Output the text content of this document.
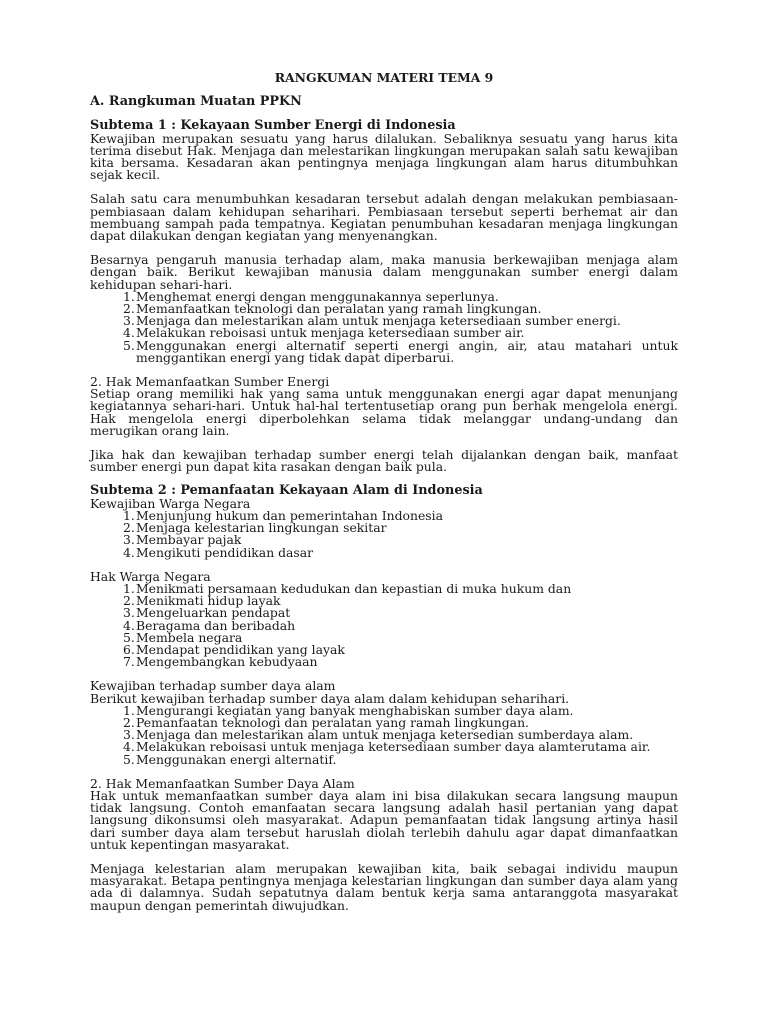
RANGKUMAN MATERI TEMA 9
A. Rangkuman Muatan PPKN
Subtema 1 : Kekayaan Sumber Energi di Indonesia

Kewajiban merupakan sesuatu yang harus dilalukan. Sebaliknya sesuatu yang harus kita terima disebut Hak. Menjaga dan melestarikan lingkungan merupakan salah satu kewajiban kita bersama. Kesadaran akan pentingnya menjaga lingkungan alam harus ditumbuhkan sejak kecil.

Salah satu cara menumbuhkan kesadaran tersebut adalah dengan melakukan pembiasaan-pembiasaan dalam kehidupan seharihari. Pembiasaan tersebut seperti berhemat air dan membuang sampah pada tempatnya. Kegiatan penumbuhan kesadaran menjaga lingkungan dapat dilakukan dengan kegiatan yang menyenangkan.

Besarnya pengaruh manusia terhadap alam, maka manusia berkewajiban menjaga alam dengan baik. Berikut kewajiban manusia dalam menggunakan sumber energi dalam kehidupan sehari-hari.

1. Menghemat energi dengan menggunakannya seperlunya.
2. Memanfaatkan teknologi dan peralatan yang ramah lingkungan.
3. Menjaga dan melestarikan alam untuk menjaga ketersediaan sumber energi.
4. Melakukan reboisasi untuk menjaga ketersediaan sumber air.
5. Menggunakan energi alternatif seperti energi angin, air, atau matahari untuk menggantikan energi yang tidak dapat diperbarui.

2. Hak Memanfaatkan Sumber Energi

Setiap orang memiliki hak yang sama untuk menggunakan energi agar dapat menunjang kegiatannya sehari-hari. Untuk hal-hal tertentusetiap orang pun berhak mengelola energi. Hak mengelola energi diperbolehkan selama tidak melanggar undang-undang dan merugikan orang lain.

Jika hak dan kewajiban terhadap sumber energi telah dijalankan dengan baik, manfaat sumber energi pun dapat kita rasakan dengan baik pula.

Subtema 2 : Pemanfaatan Kekayaan Alam di Indonesia

Kewajiban Warga Negara

1. Menjunjung hukum dan pemerintahan Indonesia
2. Menjaga kelestarian lingkungan sekitar
3. Membayar pajak
4. Mengikuti pendidikan dasar

Hak Warga Negara

1. Menikmati persamaan kedudukan dan kepastian di muka hukum dan
2. Menikmati hidup layak
3. Mengeluarkan pendapat
4. Beragama dan beribadah
5. Membela negara
6. Mendapat pendidikan yang layak
7. Mengembangkan kebudyaan

Kewajiban terhadap sumber daya alam

Berikut kewajiban terhadap sumber daya alam dalam kehidupan seharihari.

1. Mengurangi kegiatan yang banyak menghabiskan sumber daya alam.
2. Pemanfaatan teknologi dan peralatan yang ramah lingkungan.
3. Menjaga dan melestarikan alam untuk menjaga ketersedian sumberdaya alam.
4. Melakukan reboisasi untuk menjaga ketersediaan sumber daya alamterutama air.
5. Menggunakan energi alternatif.

2. Hak Memanfaatkan Sumber Daya Alam

Hak untuk memanfaatkan sumber daya alam ini bisa dilakukan secara langsung maupun tidak langsung. Contoh emanfaatan secara langsung adalah hasil pertanian yang dapat langsung dikonsumsi oleh masyarakat. Adapun pemanfaatan tidak langsung artinya hasil dari sumber daya alam tersebut haruslah diolah terlebih dahulu agar dapat dimanfaatkan untuk kepentingan masyarakat.

Menjaga kelestarian alam merupakan kewajiban kita, baik sebagai individu maupun masyarakat. Betapa pentingnya menjaga kelestarian lingkungan dan sumber daya alam yang ada di dalamnya. Sudah sepatutnya dalam bentuk kerja sama antaranggota masyarakat maupun dengan pemerintah diwujudkan.
